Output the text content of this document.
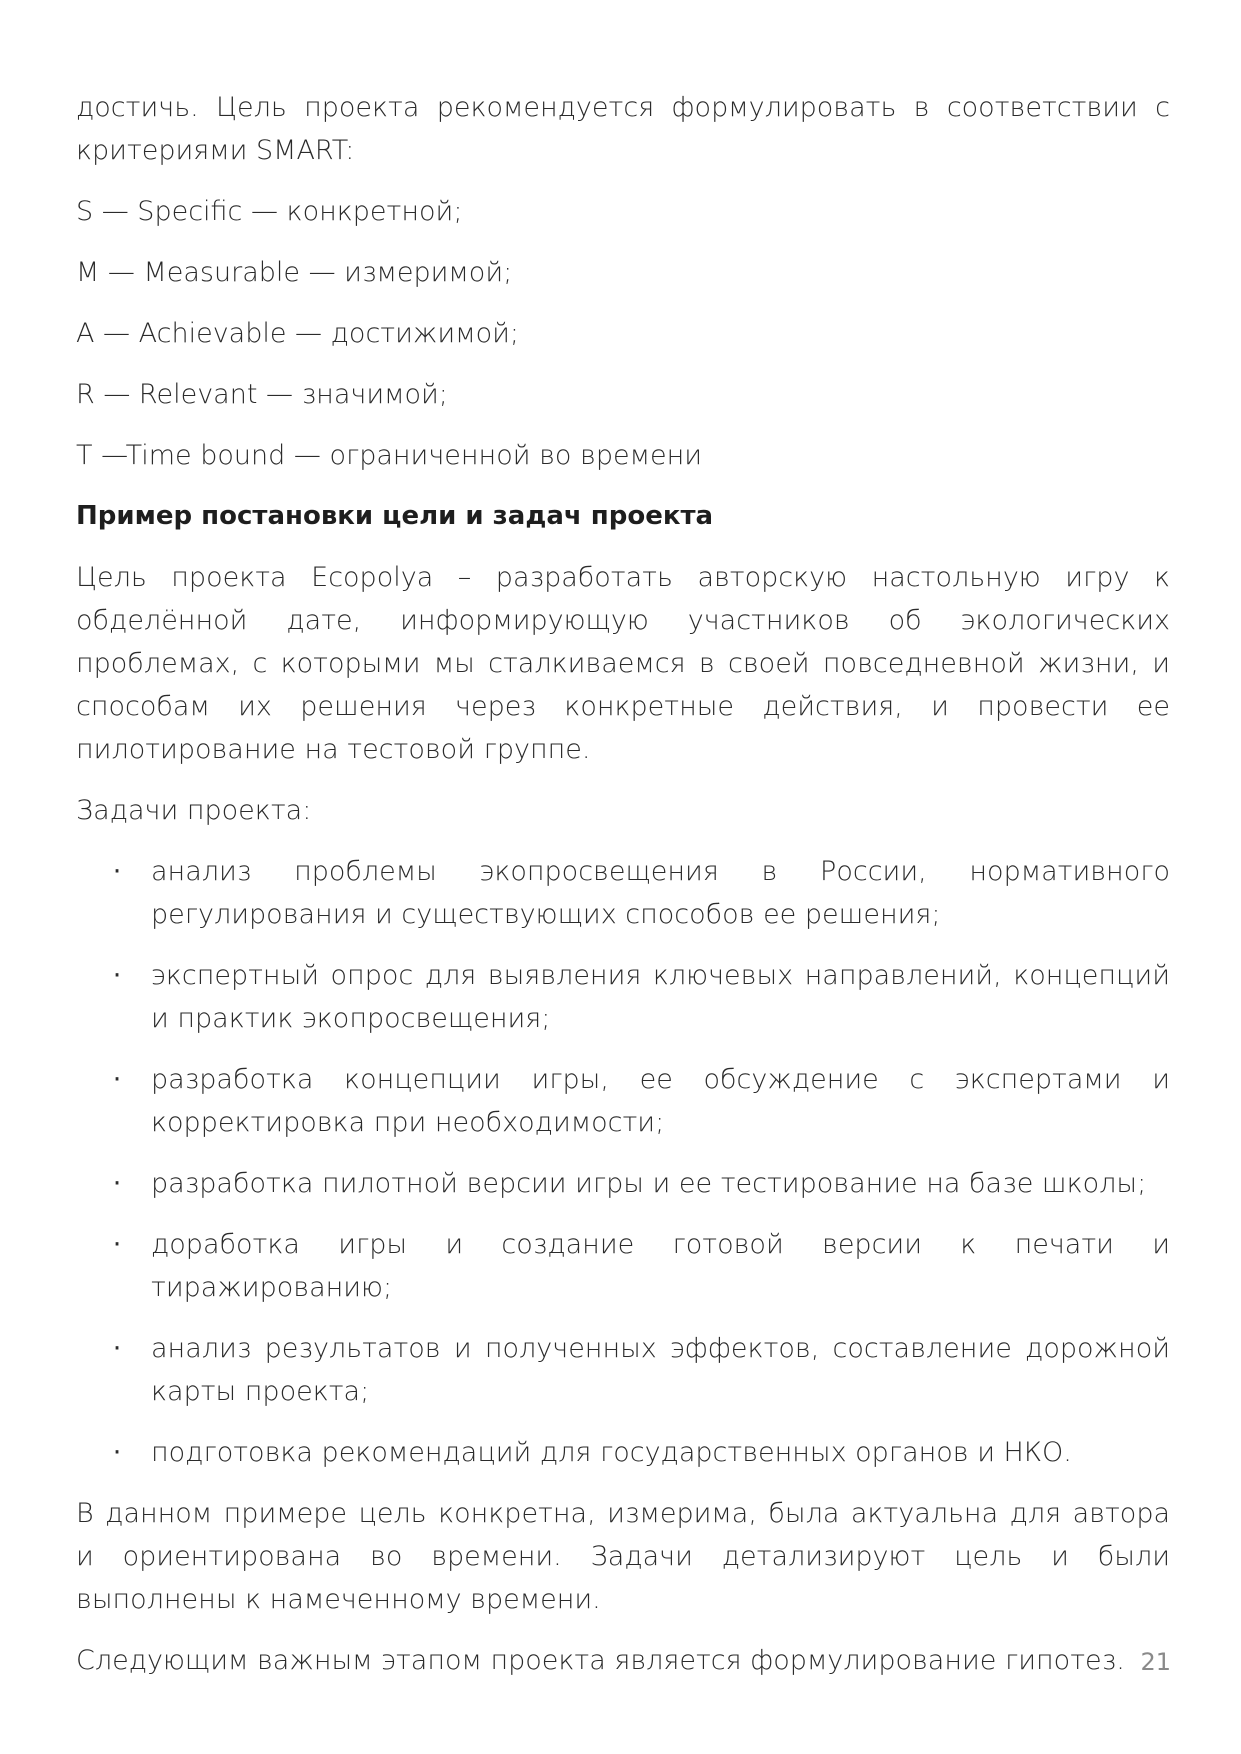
достичь. Цель проекта рекомендуется формулировать в соответствии с критериями SMART:

S — Specific — конкретной;

M — Measurable — измеримой;

A — Achievable — достижимой;

R — Relevant — значимой;

T —Time bound — ограниченной во времени

Пример постановки цели и задач проекта

Цель проекта Ecopolya – разработать авторскую настольную игру к обделённой дате, информирующую участников об экологических проблемах, с которыми мы сталкиваемся в своей повседневной жизни, и способам их решения через конкретные действия, и провести ее пилотирование на тестовой группе.

Задачи проекта:

· анализ проблемы экопросвещения в России, нормативного регулирования и существующих способов ее решения;
· экспертный опрос для выявления ключевых направлений, концепций и практик экопросвещения;
· разработка концепции игры, ее обсуждение с экспертами и корректировка при необходимости;
· разработка пилотной версии игры и ее тестирование на базе школы;
· доработка игры и создание готовой версии к печати и тиражированию;
· анализ результатов и полученных эффектов, составление дорожной карты проекта;
· подготовка рекомендаций для государственных органов и НКО.

В данном примере цель конкретна, измерима, была актуальна для автора и ориентирована во времени. Задачи детализируют цель и были выполнены к намеченному времени.

Следующим важным этапом проекта является формулирование гипотез. 21
